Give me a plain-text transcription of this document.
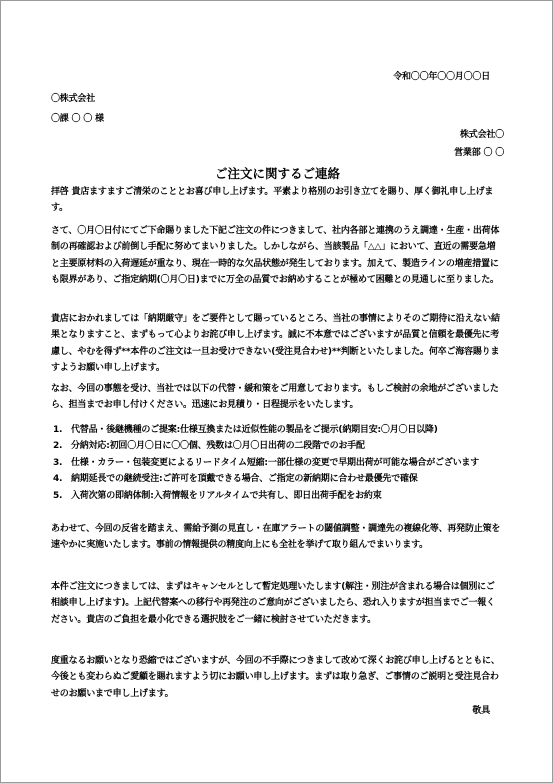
令和〇〇年〇〇月〇〇日
〇株式会社
〇課 〇 〇 様
株式会社〇
営業部 〇 〇
ご注文に関するご連絡

拝啓 貴店ますますご清栄のこととお喜び申し上げます。平素より格別のお引き立てを賜り、厚く御礼申し上げます。

さて、〇月〇日付にてご下命賜りました下記ご注文の件につきまして、社内各部と連携のうえ調達・生産・出荷体制の再確認および前倒し手配に努めてまいりました。しかしながら、当該製品「△△」において、直近の需要急増と主要原材料の入荷遅延が重なり、現在一時的な欠品状態が発生しております。加えて、製造ラインの増産措置にも限界があり、ご指定納期(〇月〇日)までに万全の品質でお納めすることが極めて困難との見通しに至りました。

貴店におかれましては「納期厳守」をご要件として賜っているところ、当社の事情によりそのご期待に沿えない結果となりますこと、まずもって心よりお詫び申し上げます。誠に不本意ではございますが品質と信頼を最優先に考慮し、やむを得ず**本件のご注文は一旦お受けできない(受注見合わせ)**判断といたしました。何卒ご海容賜りますようお願い申し上げます。

なお、今回の事態を受け、当社では以下の代替・緩和策をご用意しております。もしご検討の余地がございましたら、担当までお申し付けください。迅速にお見積り・日程提示をいたします。

1. 代替品・後継機種のご提案:仕様互換または近似性能の製品をご提示(納期目安:〇月〇日以降)
2. 分納対応:初回〇月〇日に〇〇個、残数は〇月〇日出荷の二段階でのお手配
3. 仕様・カラー・包装変更によるリードタイム短縮:一部仕様の変更で早期出荷が可能な場合がございます
4. 納期延長での継続受注:ご許可を頂戴できる場合、ご指定の新納期に合わせ最優先で確保
5. 入荷次第の即納体制:入荷情報をリアルタイムで共有し、即日出荷手配をお約束

あわせて、今回の反省を踏まえ、需給予測の見直し・在庫アラートの閾値調整・調達先の複線化等、再発防止策を速やかに実施いたします。事前の情報提供の精度向上にも全社を挙げて取り組んでまいります。

本件ご注文につきましては、まずはキャンセルとして暫定処理いたします(解注・別注が含まれる場合は個別にご相談申し上げます)。上記代替案への移行や再発注のご意向がございましたら、恐れ入りますが担当までご一報ください。貴店のご負担を最小化できる選択肢をご一緒に検討させていただきます。

度重なるお願いとなり恐縮ではございますが、今回の不手際につきまして改めて深くお詫び申し上げるとともに、今後とも変わらぬご愛顧を賜れますよう切にお願い申し上げます。まずは取り急ぎ、ご事情のご説明と受注見合わせのお願いまで申し上げます。

敬具
